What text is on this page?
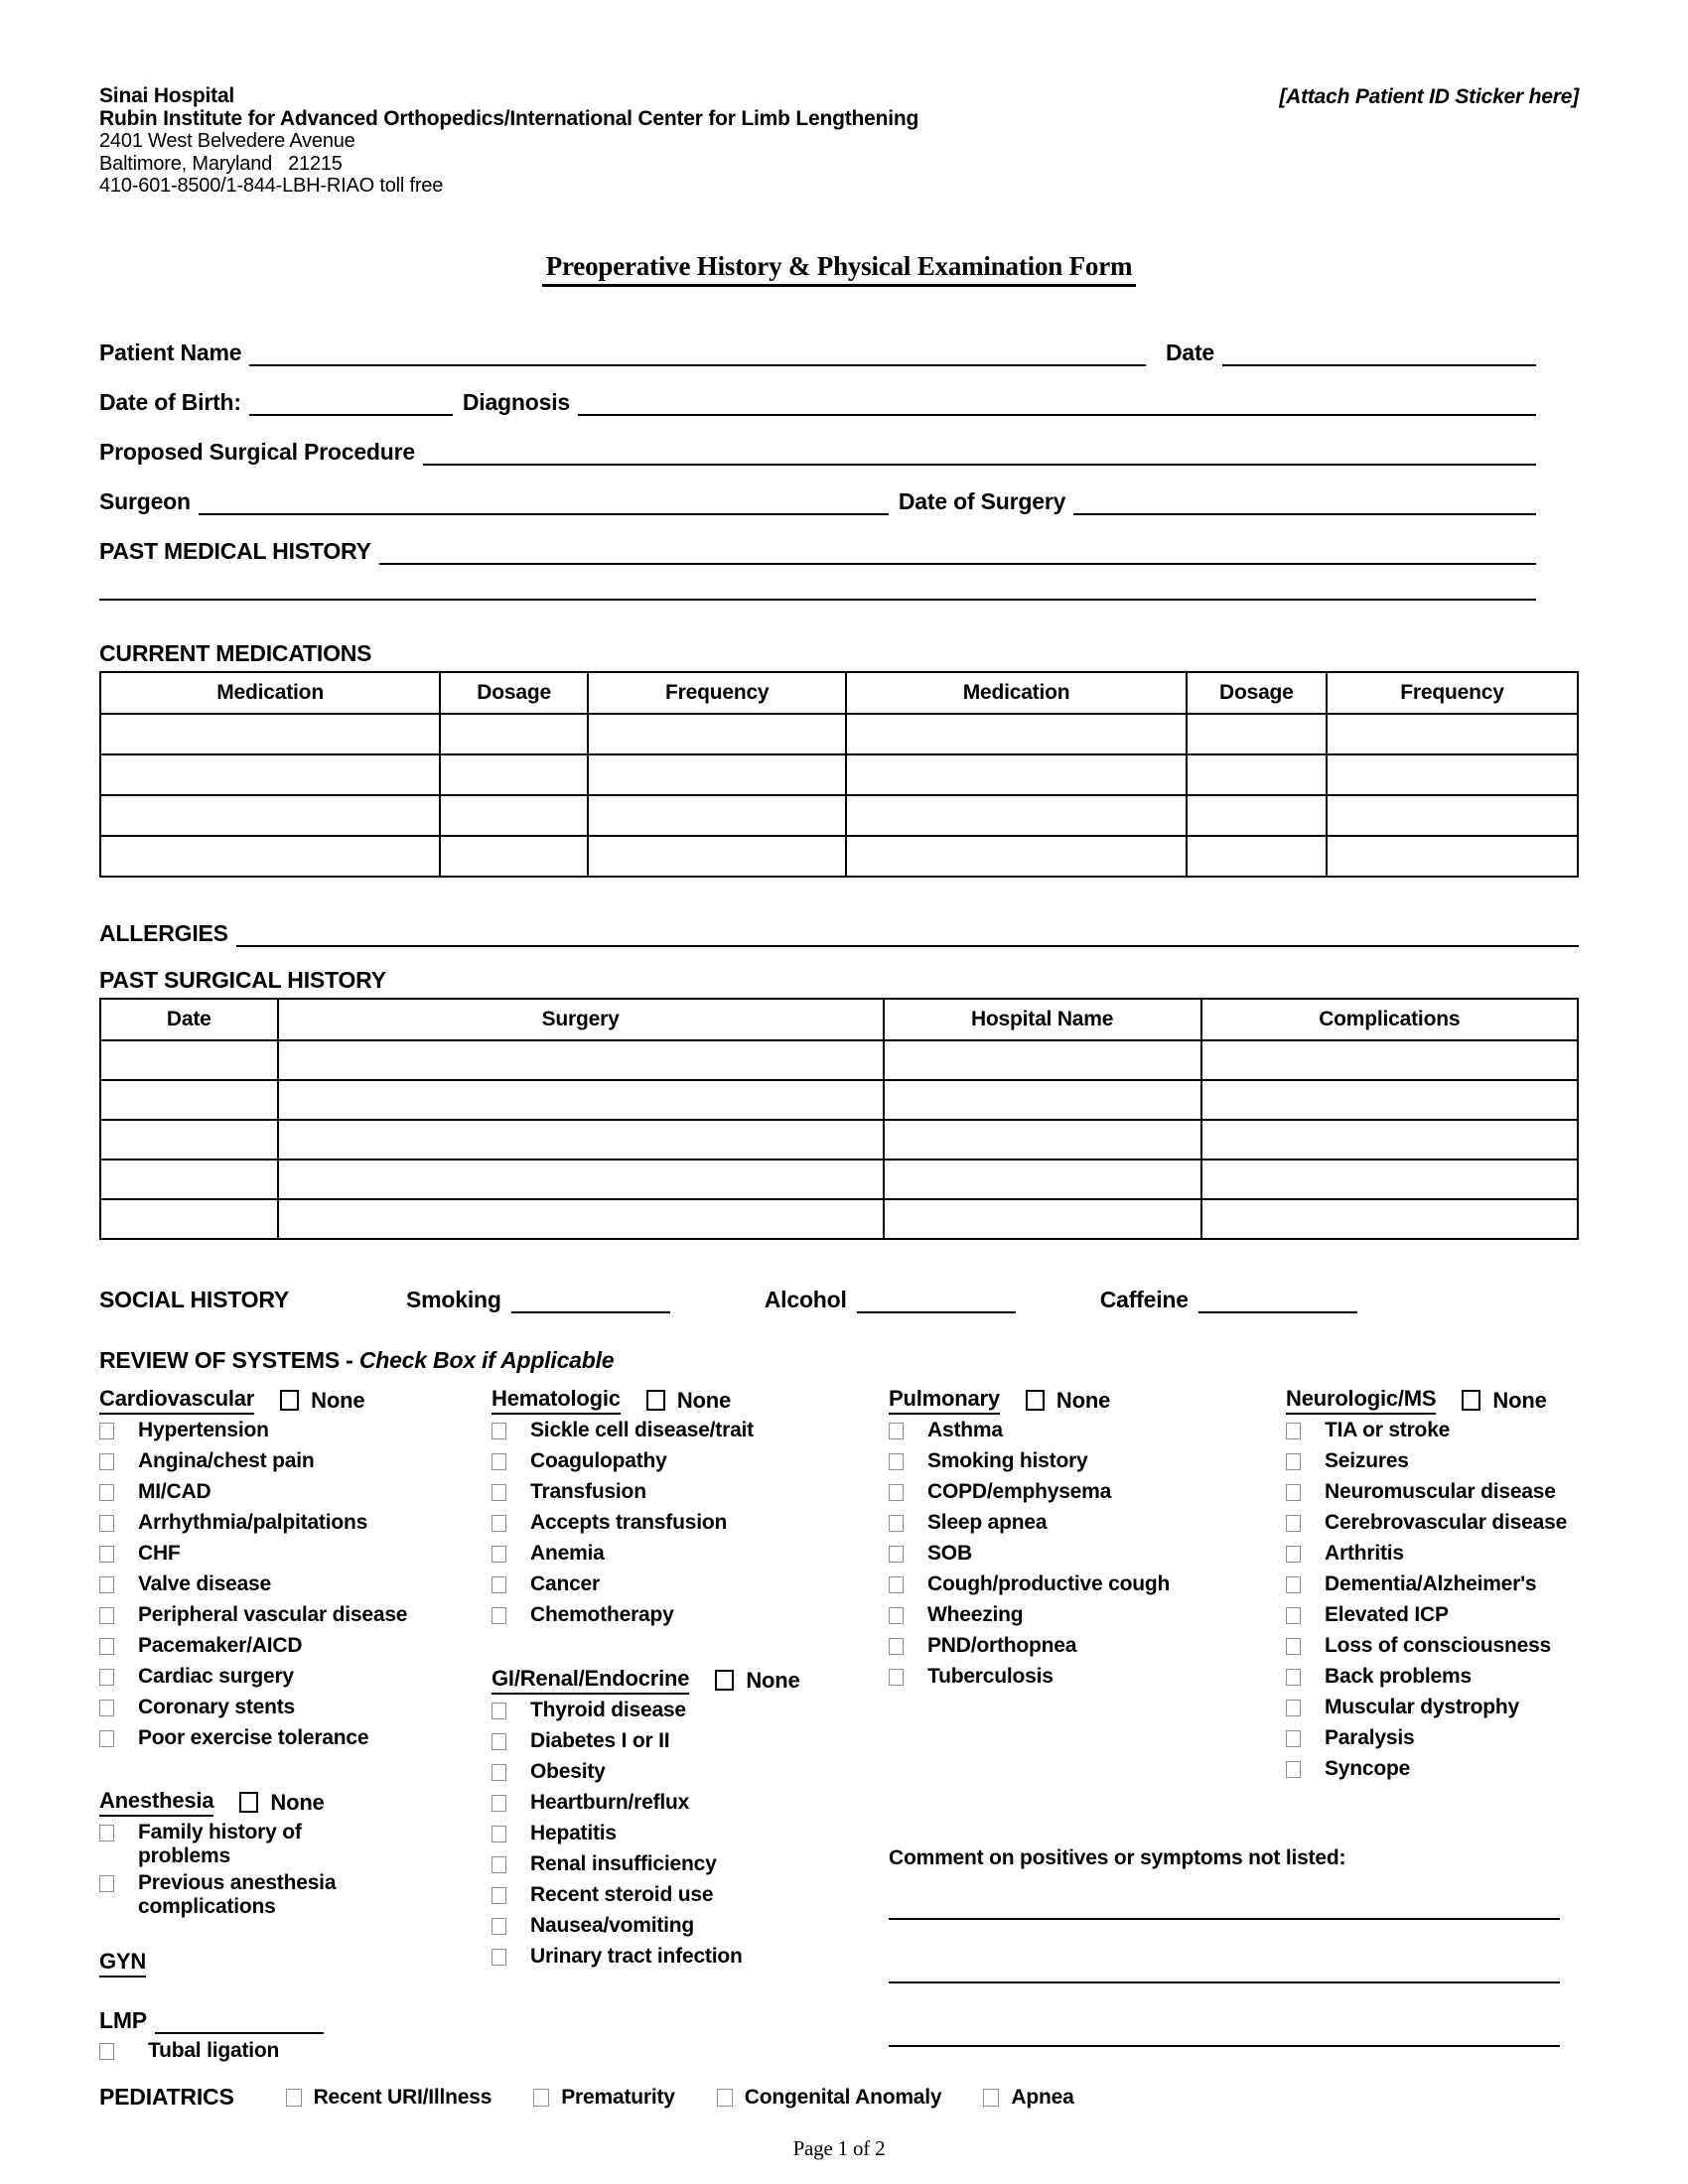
Sinai Hospital
Rubin Institute for Advanced Orthopedics/International Center for Limb Lengthening
2401 West Belvedere Avenue
Baltimore, Maryland   21215
410-601-8500/1-844-LBH-RIAO toll free
[Attach Patient ID Sticker here]
Preoperative History & Physical Examination Form
Patient Name	Date
Date of Birth:	Diagnosis
Proposed Surgical Procedure
Surgeon	Date of Surgery
PAST MEDICAL HISTORY
CURRENT MEDICATIONS
Medication	Dosage	Frequency	Medication	Dosage	Frequency

ALLERGIES
PAST SURGICAL HISTORY
Date	Surgery	Hospital Name	Complications

SOCIAL HISTORY	Smoking	Alcohol	Caffeine
REVIEW OF SYSTEMS - Check Box if Applicable
Cardiovascular	None
Hypertension
Angina/chest pain
MI/CAD
Arrhythmia/palpitations
CHF
Valve disease
Peripheral vascular disease
Pacemaker/AICD
Cardiac surgery
Coronary stents
Poor exercise tolerance
Anesthesia	None
Family history of problems
Previous anesthesia complications
GYN
LMP
Tubal ligation
Hematologic	None
Sickle cell disease/trait
Coagulopathy
Transfusion
Accepts transfusion
Anemia
Cancer
Chemotherapy
GI/Renal/Endocrine	None
Thyroid disease
Diabetes I or II
Obesity
Heartburn/reflux
Hepatitis
Renal insufficiency
Recent steroid use
Nausea/vomiting
Urinary tract infection
Pulmonary	None
Asthma
Smoking history
COPD/emphysema
Sleep apnea
SOB
Cough/productive cough
Wheezing
PND/orthopnea
Tuberculosis
Comment on positives or symptoms not listed:
Neurologic/MS	None
TIA or stroke
Seizures
Neuromuscular disease
Cerebrovascular disease
Arthritis
Dementia/Alzheimer's
Elevated ICP
Loss of consciousness
Back problems
Muscular dystrophy
Paralysis
Syncope
PEDIATRICS	Recent URI/Illness	Prematurity	Congenital Anomaly	Apnea
Page 1 of 2
